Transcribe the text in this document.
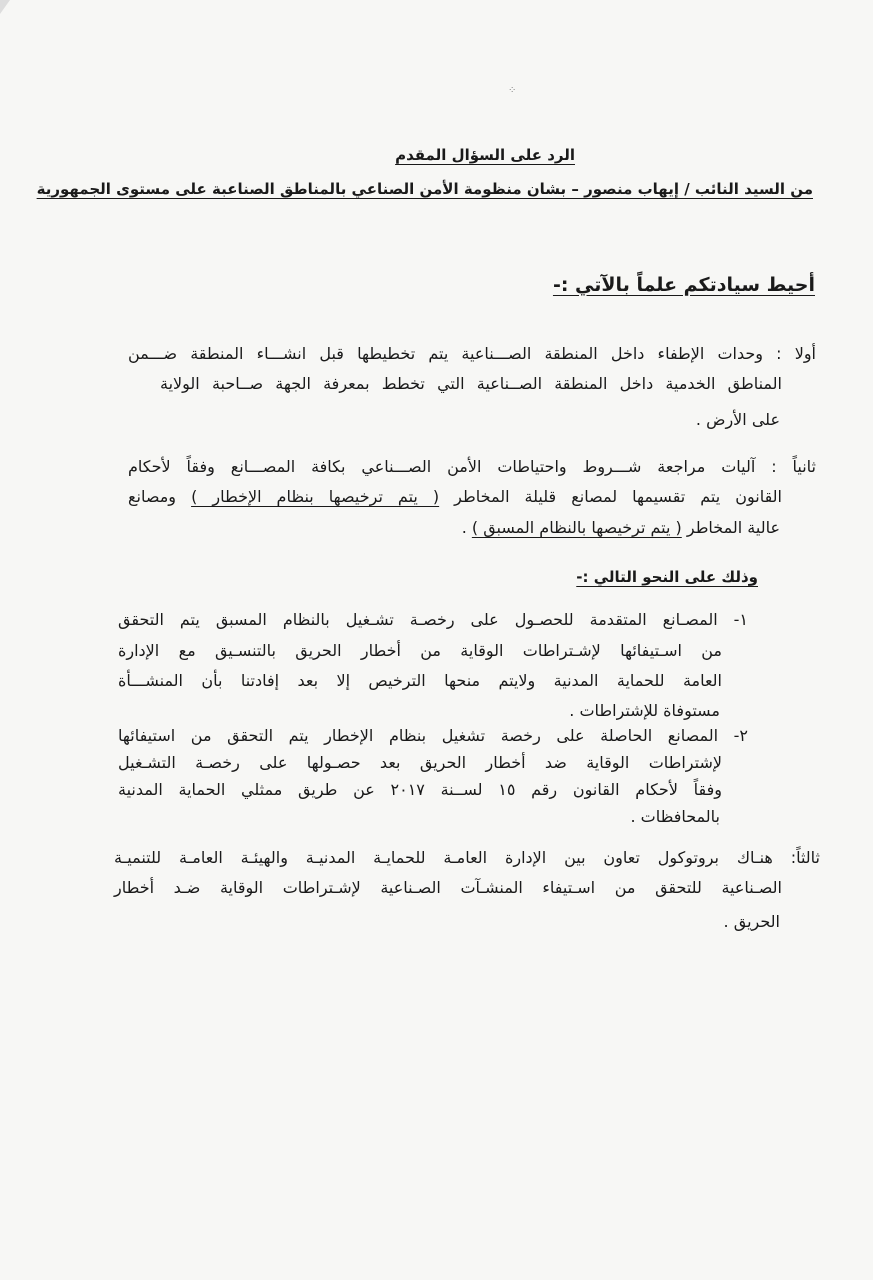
⁘
الرد على السؤال المقدم
من السيد النائب / إيهاب منصور – بشان منظومة الأمن الصناعي بالمناطق الصناعبة على مستوى الجمهورية
أحيط سيادتكم علماً بالآتي :-
أولا : وحدات الإطفاء داخل المنطقة الصـــناعية يتم تخطيطها قبل انشـــاء المنطقة ضـــمن
المناطق الخدمية داخل المنطقة الصــناعية التي تخطط بمعرفة الجهة صــاحبة الولاية
على الأرض .
ثانياً : آليات مراجعة شـــروط واحتياطات الأمن الصـــناعي بكافة المصـــانع وفقاً لأحكام
القانون يتم تقسيمها لمصانع قليلة المخاطر ( يتم ترخيصها بنظام الإخطار ) ومصانع
عالية المخاطر ( يتم ترخيصها بالنظام المسبق ) .
وذلك على النحو التالي :-
١- المصـانع المتقدمة للحصـول على رخصـة تشـغيل بالنظام المسبق يتم التحقق
من اسـتيفائها لإشـتراطات الوقاية من أخطار الحريق بالتنسـيق مع الإدارة
العامة للحماية المدنية ولايتم منحها الترخيص إلا بعد إفادتنا بأن المنشـــأة
مستوفاة للإشتراطات .
٢- المصانع الحاصلة على رخصة تشغيل بنظام الإخطار يتم التحقق من استيفائها
لإشتراطات الوقاية ضد أخطار الحريق بعد حصـولها على رخصـة التشـغيل
وفقاً لأحكام القانون رقم ١٥ لســنة ٢٠١٧ عن طريق ممثلي الحماية المدنية
بالمحافظات .
ثالثاً: هنـاك بروتوكول تعاون بين الإدارة العامـة للحمايـة المدنيـة والهيئـة العامـة للتنميـة
الصـناعية للتحقق من اسـتيفاء المنشـآت الصـناعية لإشـتراطات الوقاية ضـد أخطار
الحريق .
